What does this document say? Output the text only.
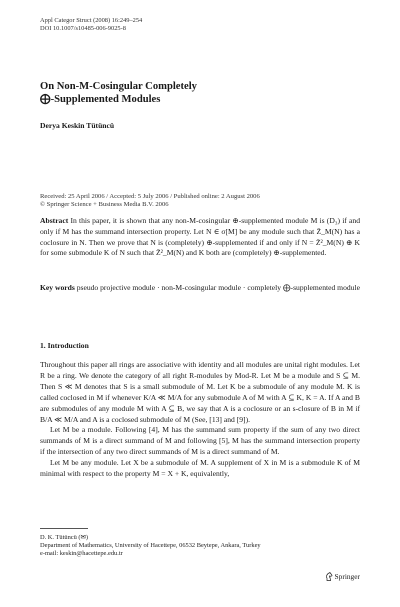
Appl Categor Struct (2008) 16:249–254
DOI 10.1007/s10485-006-9025-8
On Non-M-Cosingular Completely
⨁-Supplemented Modules
Derya Keskin Tütüncü
Received: 25 April 2006 / Accepted: 5 July 2006 / Published online: 2 August 2006
© Springer Science + Business Media B.V. 2006
Abstract In this paper, it is shown that any non-M-cosingular ⊕-supplemented module M is (D₃) if and only if M has the summand intersection property. Let N ∈ σ[M] be any module such that Z̄_M(N) has a coclosure in N. Then we prove that N is (completely) ⊕-supplemented if and only if N = Z̄²_M(N) ⊕ K for some submodule K of N such that Z̄²_M(N) and K both are (completely) ⊕-supplemented.
Key words pseudo projective module · non-M-cosingular module · completely ⨁-supplemented module
1. Introduction

Throughout this paper all rings are associative with identity and all modules are unital right modules. Let R be a ring. We denote the category of all right R-modules by Mod-R. Let M be a module and S ⊆ M. Then S ≪ M denotes that S is a small submodule of M. Let K be a submodule of any module M. K is called coclosed in M if whenever K/A ≪ M/A for any submodule A of M with A ⊆ K, K = A. If A and B are submodules of any module M with A ⊆ B, we say that A is a coclosure or an s-closure of B in M if B/A ≪ M/A and A is a coclosed submodule of M (See, [13] and [9]).

Let M be a module. Following [4], M has the summand sum property if the sum of any two direct summands of M is a direct summand of M and following [5], M has the summand intersection property if the intersection of any two direct summands of M is a direct summand of M.

Let M be any module. Let X be a submodule of M. A supplement of X in M is a submodule K of M minimal with respect to the property M = X + K, equivalently,

D. K. Tütüncü (✉)
Department of Mathematics, University of Hacettepe, 06532 Beytepe, Ankara, Turkey
e-mail: keskin@hacettepe.edu.tr
Springer
